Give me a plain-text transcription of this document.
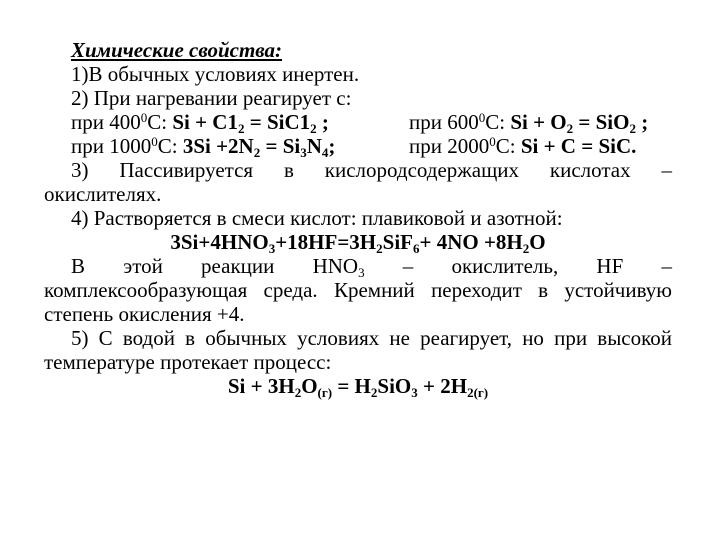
Химические свойства:
1)В обычных условиях инертен.
2) При нагревании реагирует с:
при $400^0С$: $Si + C1_2 = SiC1_2$ ;	при $600^0С$: $Si + O_2 = SiO_2$ ;
при 1000$^0$С: $3Si +2N_2 = Si_3N_4$;	при 2000$^0$С: Si + C = SiC.
3) Пассивируется в кислородсодержащих кислотах –
окислителях.
4) Растворяется в смеси кислот: плавиковой и азотной:
$3Si+4HNO_3+18HF=3H_2SiF_6+ 4NO +8H_2O$
В этой реакции $HNO_3$ – окислитель, HF –
комплексообразующая среда. Кремний переходит в устойчивую
степень окисления +4.
5) С водой в обычных условиях не реагирует, но при высокой
температуре протекает процесс:
$Si + 3H_2O_{(г)} = H_2SiO_3 + 2H_{2(г)}$
